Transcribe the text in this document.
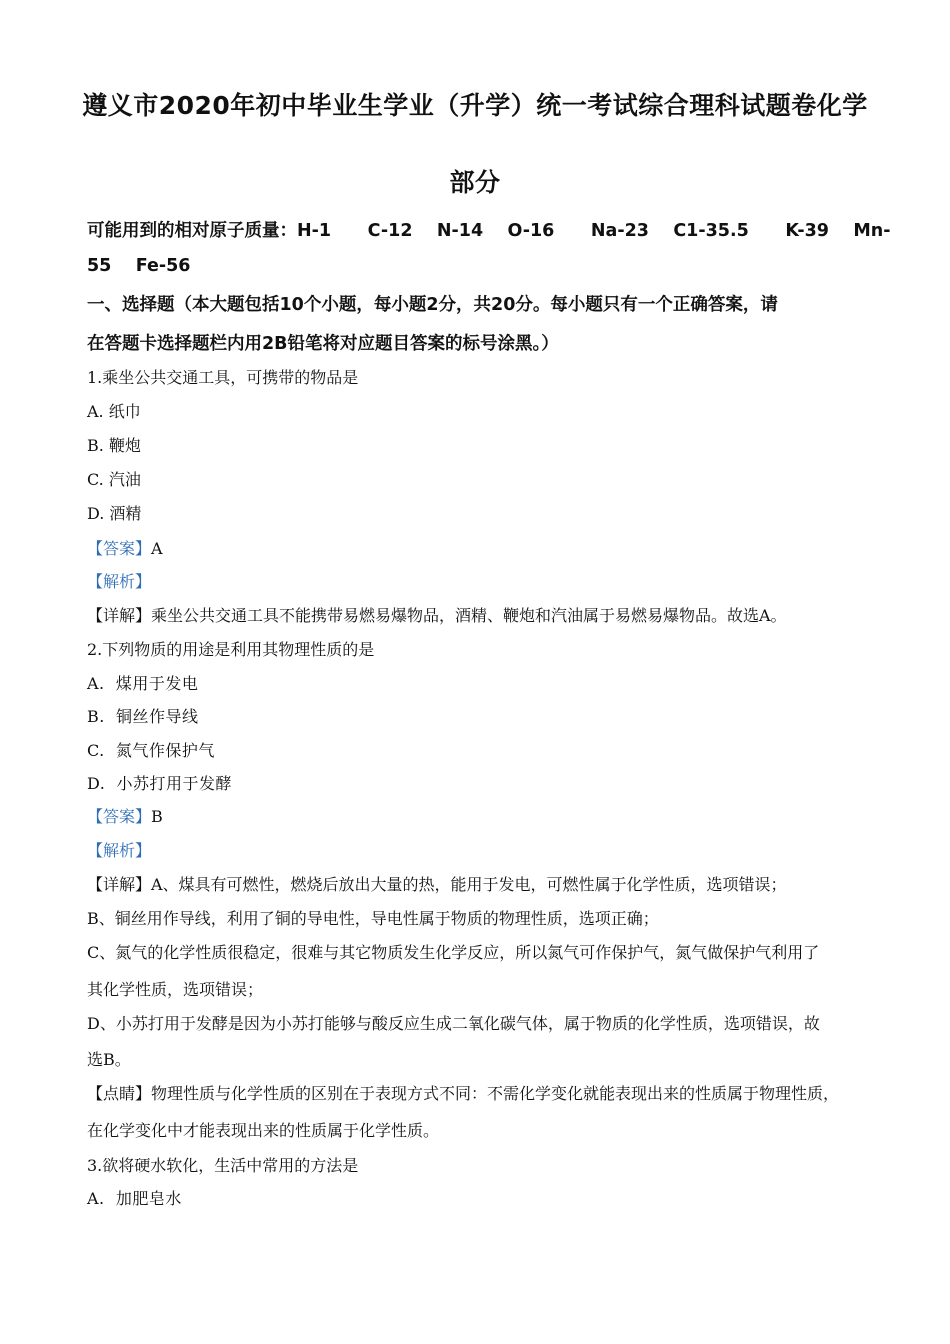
遵义市2020年初中毕业生学业（升学）统一考试综合理科试题卷化学
部分
可能用到的相对原子质量：H-1      C-12    N-14    O-16      Na-23    C1-35.5      K-39    Mn-
55    Fe-56
一、选择题（本大题包括10个小题，每小题2分，共20分。每小题只有一个正确答案，请
在答题卡选择题栏内用2B铅笔将对应题目答案的标号涂黑。）
1.乘坐公共交通工具，可携带的物品是
A. 纸巾
B. 鞭炮
C. 汽油
D. 酒精
【答案】A
【解析】
【详解】乘坐公共交通工具不能携带易燃易爆物品，酒精、鞭炮和汽油属于易燃易爆物品。故选A。
2.下列物质的用途是利用其物理性质的是
A.  煤用于发电
B.  铜丝作导线
C.  氮气作保护气
D.  小苏打用于发酵
【答案】B
【解析】
【详解】A、煤具有可燃性，燃烧后放出大量的热，能用于发电，可燃性属于化学性质，选项错误；
B、铜丝用作导线，利用了铜的导电性，导电性属于物质的物理性质，选项正确；
C、氮气的化学性质很稳定，很难与其它物质发生化学反应，所以氮气可作保护气，氮气做保护气利用了
其化学性质，选项错误；
D、小苏打用于发酵是因为小苏打能够与酸反应生成二氧化碳气体，属于物质的化学性质，选项错误，故
选B。
【点睛】物理性质与化学性质的区别在于表现方式不同：不需化学变化就能表现出来的性质属于物理性质，
在化学变化中才能表现出来的性质属于化学性质。
3.欲将硬水软化，生活中常用的方法是
A.  加肥皂水
